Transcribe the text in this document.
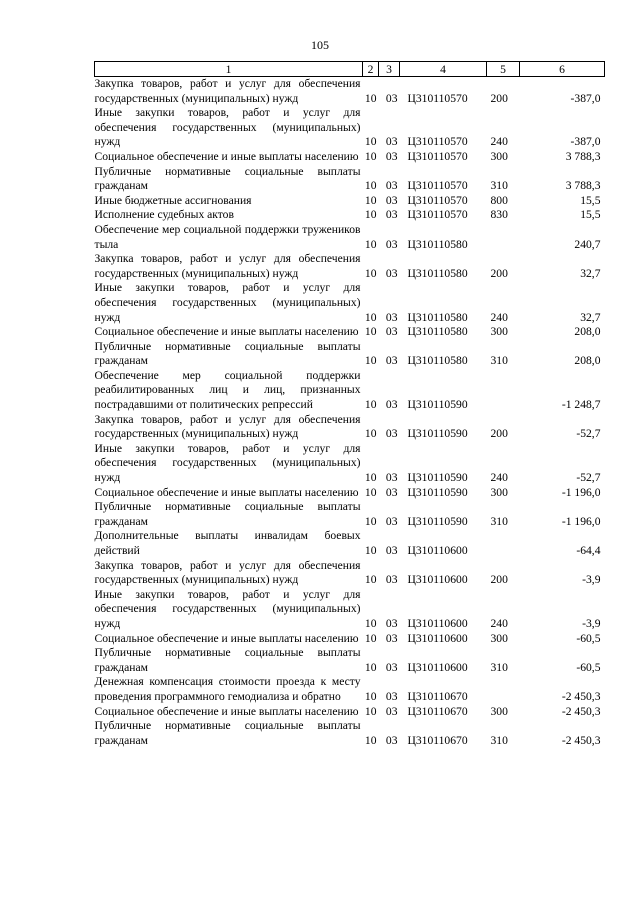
105
1	2	3	4	5	6
Закупка товаров, работ и услуг для обеспечения государственных (муниципальных) нужд	10	03	Ц310110570	200	-387,0
Иные закупки товаров, работ и услуг для обеспечения государственных (муниципальных) нужд	10	03	Ц310110570	240	-387,0
Социальное обеспечение и иные выплаты населению	10	03	Ц310110570	300	3 788,3
Публичные нормативные социальные выплаты гражданам	10	03	Ц310110570	310	3 788,3
Иные бюджетные ассигнования	10	03	Ц310110570	800	15,5
Исполнение судебных актов	10	03	Ц310110570	830	15,5
Обеспечение мер социальной поддержки тружеников тыла	10	03	Ц310110580		240,7
Закупка товаров, работ и услуг для обеспечения государственных (муниципальных) нужд	10	03	Ц310110580	200	32,7
Иные закупки товаров, работ и услуг для обеспечения государственных (муниципальных) нужд	10	03	Ц310110580	240	32,7
Социальное обеспечение и иные выплаты населению	10	03	Ц310110580	300	208,0
Публичные нормативные социальные выплаты гражданам	10	03	Ц310110580	310	208,0
Обеспечение мер социальной поддержки реабилитированных лиц и лиц, признанных пострадавшими от политических репрессий	10	03	Ц310110590		-1 248,7
Закупка товаров, работ и услуг для обеспечения государственных (муниципальных) нужд	10	03	Ц310110590	200	-52,7
Иные закупки товаров, работ и услуг для обеспечения государственных (муниципальных) нужд	10	03	Ц310110590	240	-52,7
Социальное обеспечение и иные выплаты населению	10	03	Ц310110590	300	-1 196,0
Публичные нормативные социальные выплаты гражданам	10	03	Ц310110590	310	-1 196,0
Дополнительные выплаты инвалидам боевых действий	10	03	Ц310110600		-64,4
Закупка товаров, работ и услуг для обеспечения государственных (муниципальных) нужд	10	03	Ц310110600	200	-3,9
Иные закупки товаров, работ и услуг для обеспечения государственных (муниципальных) нужд	10	03	Ц310110600	240	-3,9
Социальное обеспечение и иные выплаты населению	10	03	Ц310110600	300	-60,5
Публичные нормативные социальные выплаты гражданам	10	03	Ц310110600	310	-60,5
Денежная компенсация стоимости проезда к месту проведения программного гемодиализа и обратно	10	03	Ц310110670		-2 450,3
Социальное обеспечение и иные выплаты населению	10	03	Ц310110670	300	-2 450,3
Публичные нормативные социальные выплаты гражданам	10	03	Ц310110670	310	-2 450,3
